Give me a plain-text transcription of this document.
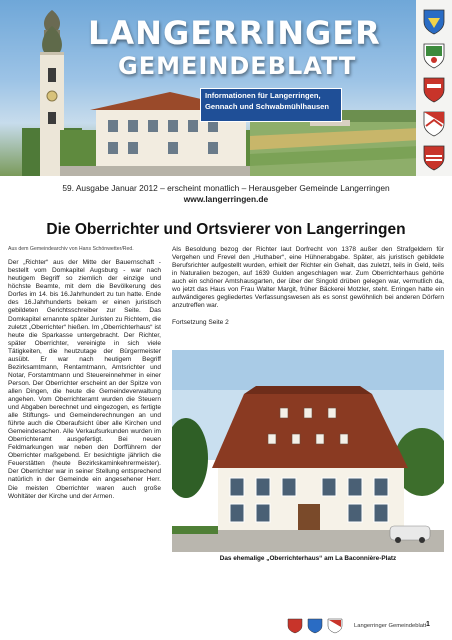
LANGERRINGER
GEMEINDEBLATT
Informationen für Langerringen,
Gennach und Schwabmühlhausen
59. Ausgabe Januar 2012 – erscheint monatlich – Herausgeber Gemeinde Langerringen
www.langerringen.de
Die Oberrichter und Ortsvierer von Langerringen
Aus dem Gemeindearchiv von Hans Schönwetter/Red.

Der „Richter“ aus der Mitte der Bauernschaft - bestellt vom Domkapitel Augsburg - war nach heutigem Begriff so ziemlich der einzige und höchste Beamte, mit dem die Bevölkerung des Dorfes im 14. bis 16.Jahrhundert zu tun hatte. Ende des 16.Jahrhunderts bekam er einen juristisch gebildeten Gerichtsschreiber zur Seite. Das Domkapitel ernannte später Juristen zu Richtern, die zuletzt „Oberrichter“ hießen. Im „Oberrichterhaus“ ist heute die Sparkasse untergebracht. Der Richter, später Oberrichter, vereinigte in sich viele Tätigkeiten, die heutzutage der Bürgermeister ausübt. Er war nach heutigem Begriff Bezirksamtmann, Rentamtmann, Amtsrichter und Notar, Forstamtmann und Steuereinnehmer in einer Person. Der Oberrichter erscheint an der Spitze von allen Dingen, die heute die Gemeindeverwaltung angehen. Vom Oberrichteramt wurden die Steuern und Abgaben berechnet und eingezogen, es fertigte alle Stiftungs- und Gemeinderechnungen an und führte auch die Oberaufsicht über alle Kirchen und Gemeindesachen. Alle Verkaufsurkunden wurden im Oberrichteramt ausgefertigt. Bei neuen Feldmarkungen war neben den Dorfführern der Oberrichter maßgebend. Er besichtigte jährlich die Feuerstätten (heute Bezirkskaminkehrermeister). Der Oberrichter war in seiner Stellung entsprechend natürlich in der Gemeinde ein angesehener Herr. Die meisten Oberrichter waren auch große Wohltäter der Kirche und der Armen.

Als Besoldung bezog der Richter laut Dorfrecht von 1378 außer den Strafgeldern für Vergehen und Frevel den „Huthaber“, eine Hühnerabgabe. Später, als juristisch gebildete Berufsrichter aufgestellt wurden, erhielt der Richter ein Gehalt, das zuletzt, teils in Geld, teils in Naturalien bezogen, auf 1639 Gulden angeschlagen war. Zum Oberrichterhaus gehörte auch ein schöner Amtshausgarten, der über der Singold drüben gelegen war, vermutlich da, wo jetzt das Haus von Frau Walter Margit, früher Bäckerei Motzler, steht. Erringen hatte ein aufwändigeres gegliedertes Verfassungswesen als es sonst gewöhnlich bei anderen Dörfern anzutreffen war.

Fortsetzung Seite 2

Das ehemalige „Oberrichterhaus“ am La Baconnière-Platz
Langerringer Gemeindeblatt 1
